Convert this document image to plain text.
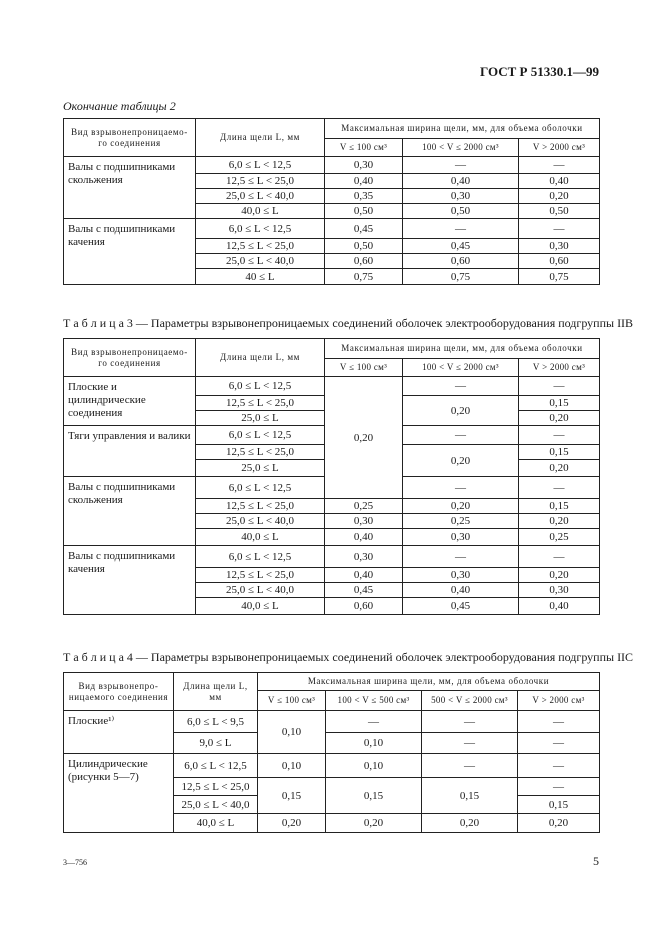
ГОСТ Р 51330.1—99
Окончание таблицы 2
Вид взрывонепроницаемо-го соединения	Длина щели L, мм	Максимальная ширина щели, мм, для объема оболочки		
		V ≤ 100 см³	100 < V ≤ 2000 см³	V > 2000 см³
Валы с подшипниками скольжения	6,0 ≤ L < 12,5	0,30	—	—
	12,5 ≤ L < 25,0	0,40	0,40	0,40
	25,0 ≤ L < 40,0	0,35	0,30	0,20
	40,0 ≤ L	0,50	0,50	0,50
Валы с подшипниками качения	6,0 ≤ L < 12,5	0,45	—	—
	12,5 ≤ L < 25,0	0,50	0,45	0,30
	25,0 ≤ L < 40,0	0,60	0,60	0,60
	40 ≤ L	0,75	0,75	0,75
Т а б л и ц а 3 — Параметры взрывонепроницаемых соединений оболочек электрооборудования подгруппы IIB
Вид взрывонепроницаемо-го соединения	Длина щели L, мм	Максимальная ширина щели, мм, для объема оболочки		
		V ≤ 100 см³	100 < V ≤ 2000 см³	V > 2000 см³
Плоские и цилиндрические соединения	6,0 ≤ L < 12,5	0,20	—	—
	12,5 ≤ L < 25,0		0,20	0,15
	25,0 ≤ L			0,20
Тяги управления и валики	6,0 ≤ L < 12,5		—	—
	12,5 ≤ L < 25,0		0,20	0,15
	25,0 ≤ L			0,20
Валы с подшипниками скольжения	6,0 ≤ L < 12,5		—	—
	12,5 ≤ L < 25,0	0,25	0,20	0,15
	25,0 ≤ L < 40,0	0,30	0,25	0,20
	40,0 ≤ L	0,40	0,30	0,25
Валы с подшипниками качения	6,0 ≤ L < 12,5	0,30	—	—
	12,5 ≤ L < 25,0	0,40	0,30	0,20
	25,0 ≤ L < 40,0	0,45	0,40	0,30
	40,0 ≤ L	0,60	0,45	0,40
Т а б л и ц а 4 — Параметры взрывонепроницаемых соединений оболочек электрооборудования подгруппы IIC
Вид взрывонепро-ницаемого соединения	Длина щели L, мм	Максимальная ширина щели, мм, для объема оболочки			
		V ≤ 100 см³	100 < V ≤ 500 см³	500 < V ≤ 2000 см³	V > 2000 см³
Плоские¹⁾	6,0 ≤ L < 9,5	0,10	—	—	—
	9,0 ≤ L		0,10	—	—
Цилиндрические (рисунки 5—7)	6,0 ≤ L < 12,5	0,10	0,10	—	—
	12,5 ≤ L < 25,0	0,15	0,15	0,15	—
	25,0 ≤ L < 40,0				0,15
	40,0 ≤ L	0,20	0,20	0,20	0,20
3—756	5
